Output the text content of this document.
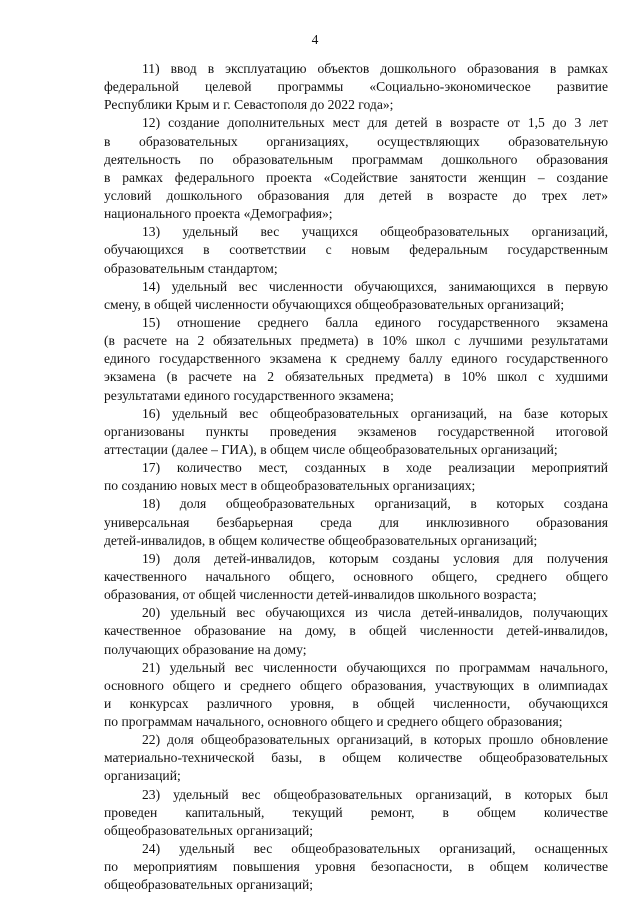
4
11) ввод в эксплуатацию объектов дошкольного образования в рамках
федеральной целевой программы «Социально-экономическое развитие
Республики Крым и г. Севастополя до 2022 года»;
12) создание дополнительных мест для детей в возрасте от 1,5 до 3 лет
в образовательных организациях, осуществляющих образовательную
деятельность по образовательным программам дошкольного образования
в рамках федерального проекта «Содействие занятости женщин – создание
условий дошкольного образования для детей в возрасте до трех лет»
национального проекта «Демография»;
13) удельный вес учащихся общеобразовательных организаций,
обучающихся в соответствии с новым федеральным государственным
образовательным стандартом;
14) удельный вес численности обучающихся, занимающихся в первую
смену, в общей численности обучающихся общеобразовательных организаций;
15) отношение среднего балла единого государственного экзамена
(в расчете на 2 обязательных предмета) в 10% школ с лучшими результатами
единого государственного экзамена к среднему баллу единого государственного
экзамена (в расчете на 2 обязательных предмета) в 10% школ с худшими
результатами единого государственного экзамена;
16) удельный вес общеобразовательных организаций, на базе которых
организованы пункты проведения экзаменов государственной итоговой
аттестации (далее – ГИА), в общем числе общеобразовательных организаций;
17) количество мест, созданных в ходе реализации мероприятий
по созданию новых мест в общеобразовательных организациях;
18) доля общеобразовательных организаций, в которых создана
универсальная безбарьерная среда для инклюзивного образования
детей-инвалидов, в общем количестве общеобразовательных организаций;
19) доля детей-инвалидов, которым созданы условия для получения
качественного начального общего, основного общего, среднего общего
образования, от общей численности детей-инвалидов школьного возраста;
20) удельный вес обучающихся из числа детей-инвалидов, получающих
качественное образование на дому, в общей численности детей-инвалидов,
получающих образование на дому;
21) удельный вес численности обучающихся по программам начального,
основного общего и среднего общего образования, участвующих в олимпиадах
и конкурсах различного уровня, в общей численности, обучающихся
по программам начального, основного общего и среднего общего образования;
22) доля общеобразовательных организаций, в которых прошло обновление
материально-технической базы, в общем количестве общеобразовательных
организаций;
23) удельный вес общеобразовательных организаций, в которых был
проведен капитальный, текущий ремонт, в общем количестве
общеобразовательных организаций;
24) удельный вес общеобразовательных организаций, оснащенных
по мероприятиям повышения уровня безопасности, в общем количестве
общеобразовательных организаций;
